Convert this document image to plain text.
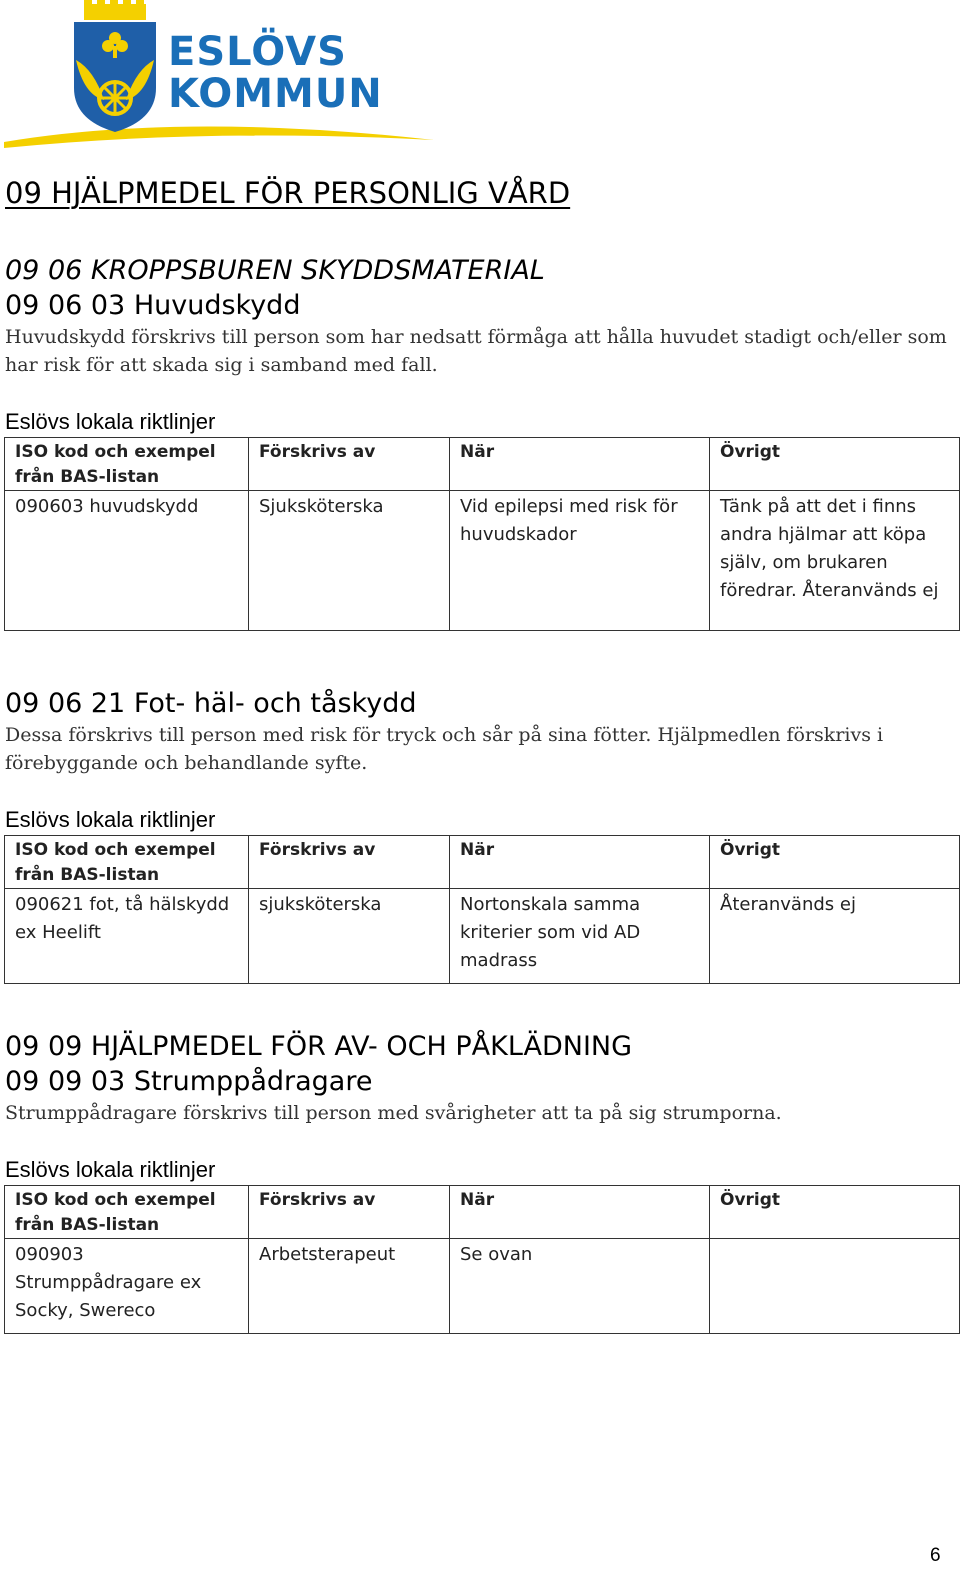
ESLÖVS
KOMMUN
09 HJÄLPMEDEL FÖR PERSONLIG VÅRD
09 06 KROPPSBUREN SKYDDSMATERIAL
09 06 03 Huvudskydd

Huvudskydd förskrivs till person som har nedsatt förmåga att hålla huvudet stadigt och/eller som har risk för att skada sig i samband med fall.

Eslövs lokala riktlinjer
ISO kod och exempel från BAS-listan	Förskrivs av	När	Övrigt
090603 huvudskydd	Sjuksköterska	Vid epilepsi med risk för huvudskador	Tänk på att det i finns andra hjälmar att köpa själv, om brukaren föredrar. Återanvänds ej
09 06 21 Fot- häl- och tåskydd

Dessa förskrivs till person med risk för tryck och sår på sina fötter. Hjälpmedlen förskrivs i förebyggande och behandlande syfte.

Eslövs lokala riktlinjer
ISO kod och exempel från BAS-listan	Förskrivs av	När	Övrigt
090621 fot, tå hälskydd ex Heelift	sjuksköterska	Nortonskala samma kriterier som vid AD madrass	Återanvänds ej
09 09 HJÄLPMEDEL FÖR AV- OCH PÅKLÄDNING
09 09 03 Strumppådragare

Strumppådragare förskrivs till person med svårigheter att ta på sig strumporna.

Eslövs lokala riktlinjer
ISO kod och exempel från BAS-listan	Förskrivs av	När	Övrigt
090903 Strumppådragare ex Socky, Swereco	Arbetsterapeut	Se ovan	
6
